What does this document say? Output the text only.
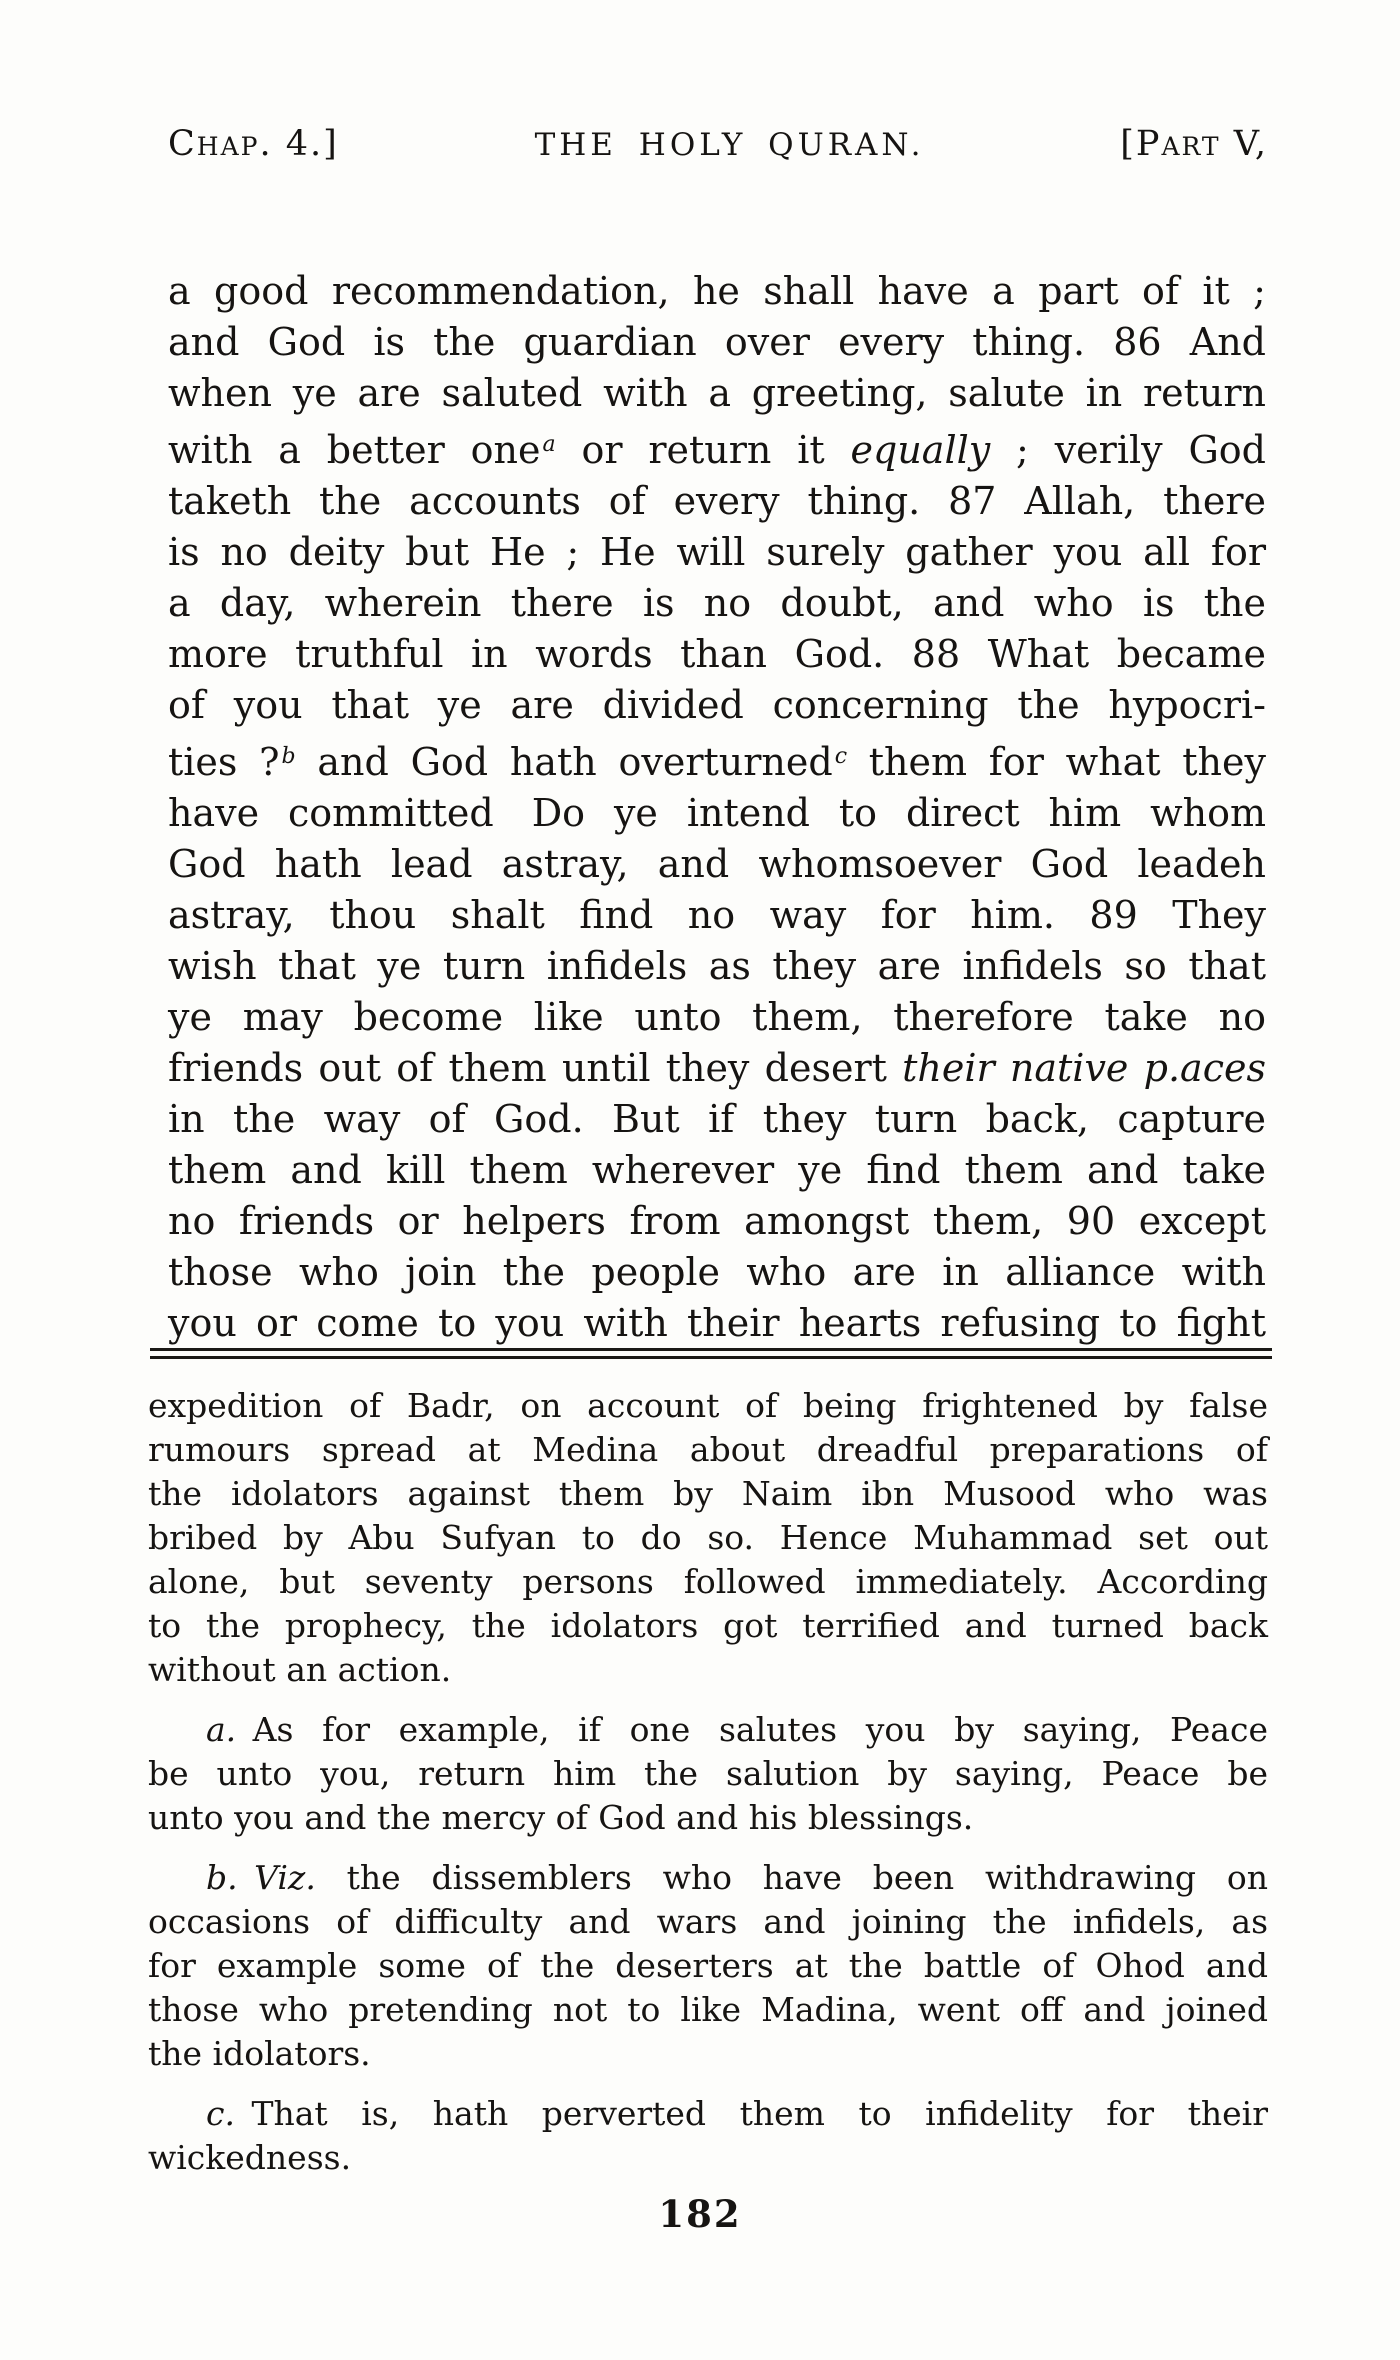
Chap. 4.]	THE HOLY QURAN.	[Part V,
a good recommendation, he shall have a part of it ;
and God is the guardian over every thing. 86 And
when ye are saluted with a greeting, salute in return
with a better one$^a$ or return it equally ; verily God
taketh the accounts of every thing. 87 Allah, there
is no deity but He ; He will surely gather you all for
a day, wherein there is no doubt, and who is the
more truthful in words than God. 88 What became
of you that ye are divided concerning the hypocri-
ties ?$^b$ and God hath overturned$^c$ them for what they
have committed Do ye intend to direct him whom
God hath lead astray, and whomsoever God leadeh
astray, thou shalt find no way for him. 89 They
wish that ye turn infidels as they are infidels so that
ye may become like unto them, therefore take no
friends out of them until they desert their native p.aces
in the way of God. But if they turn back, capture
them and kill them wherever ye find them and take
no friends or helpers from amongst them, 90 except
those who join the people who are in alliance with
you or come to you with their hearts refusing to fight
expedition of Badr, on account of being frightened by false
rumours spread at Medina about dreadful preparations of
the idolators against them by Naim ibn Musood who was
bribed by Abu Sufyan to do so. Hence Muhammad set out
alone, but seventy persons followed immediately. According
to the prophecy, the idolators got terrified and turned back
without an action.
a. As for example, if one salutes you by saying, Peace
be unto you, return him the salution by saying, Peace be
unto you and the mercy of God and his blessings.
b.  Viz. the dissemblers who have been withdrawing on
occasions of difficulty and wars and joining the infidels, as
for example some of the deserters at the battle of Ohod and
those who pretending not to like Madina, went off and joined
the idolators.
c. That is, hath perverted them to infidelity for their
wickedness.
182
